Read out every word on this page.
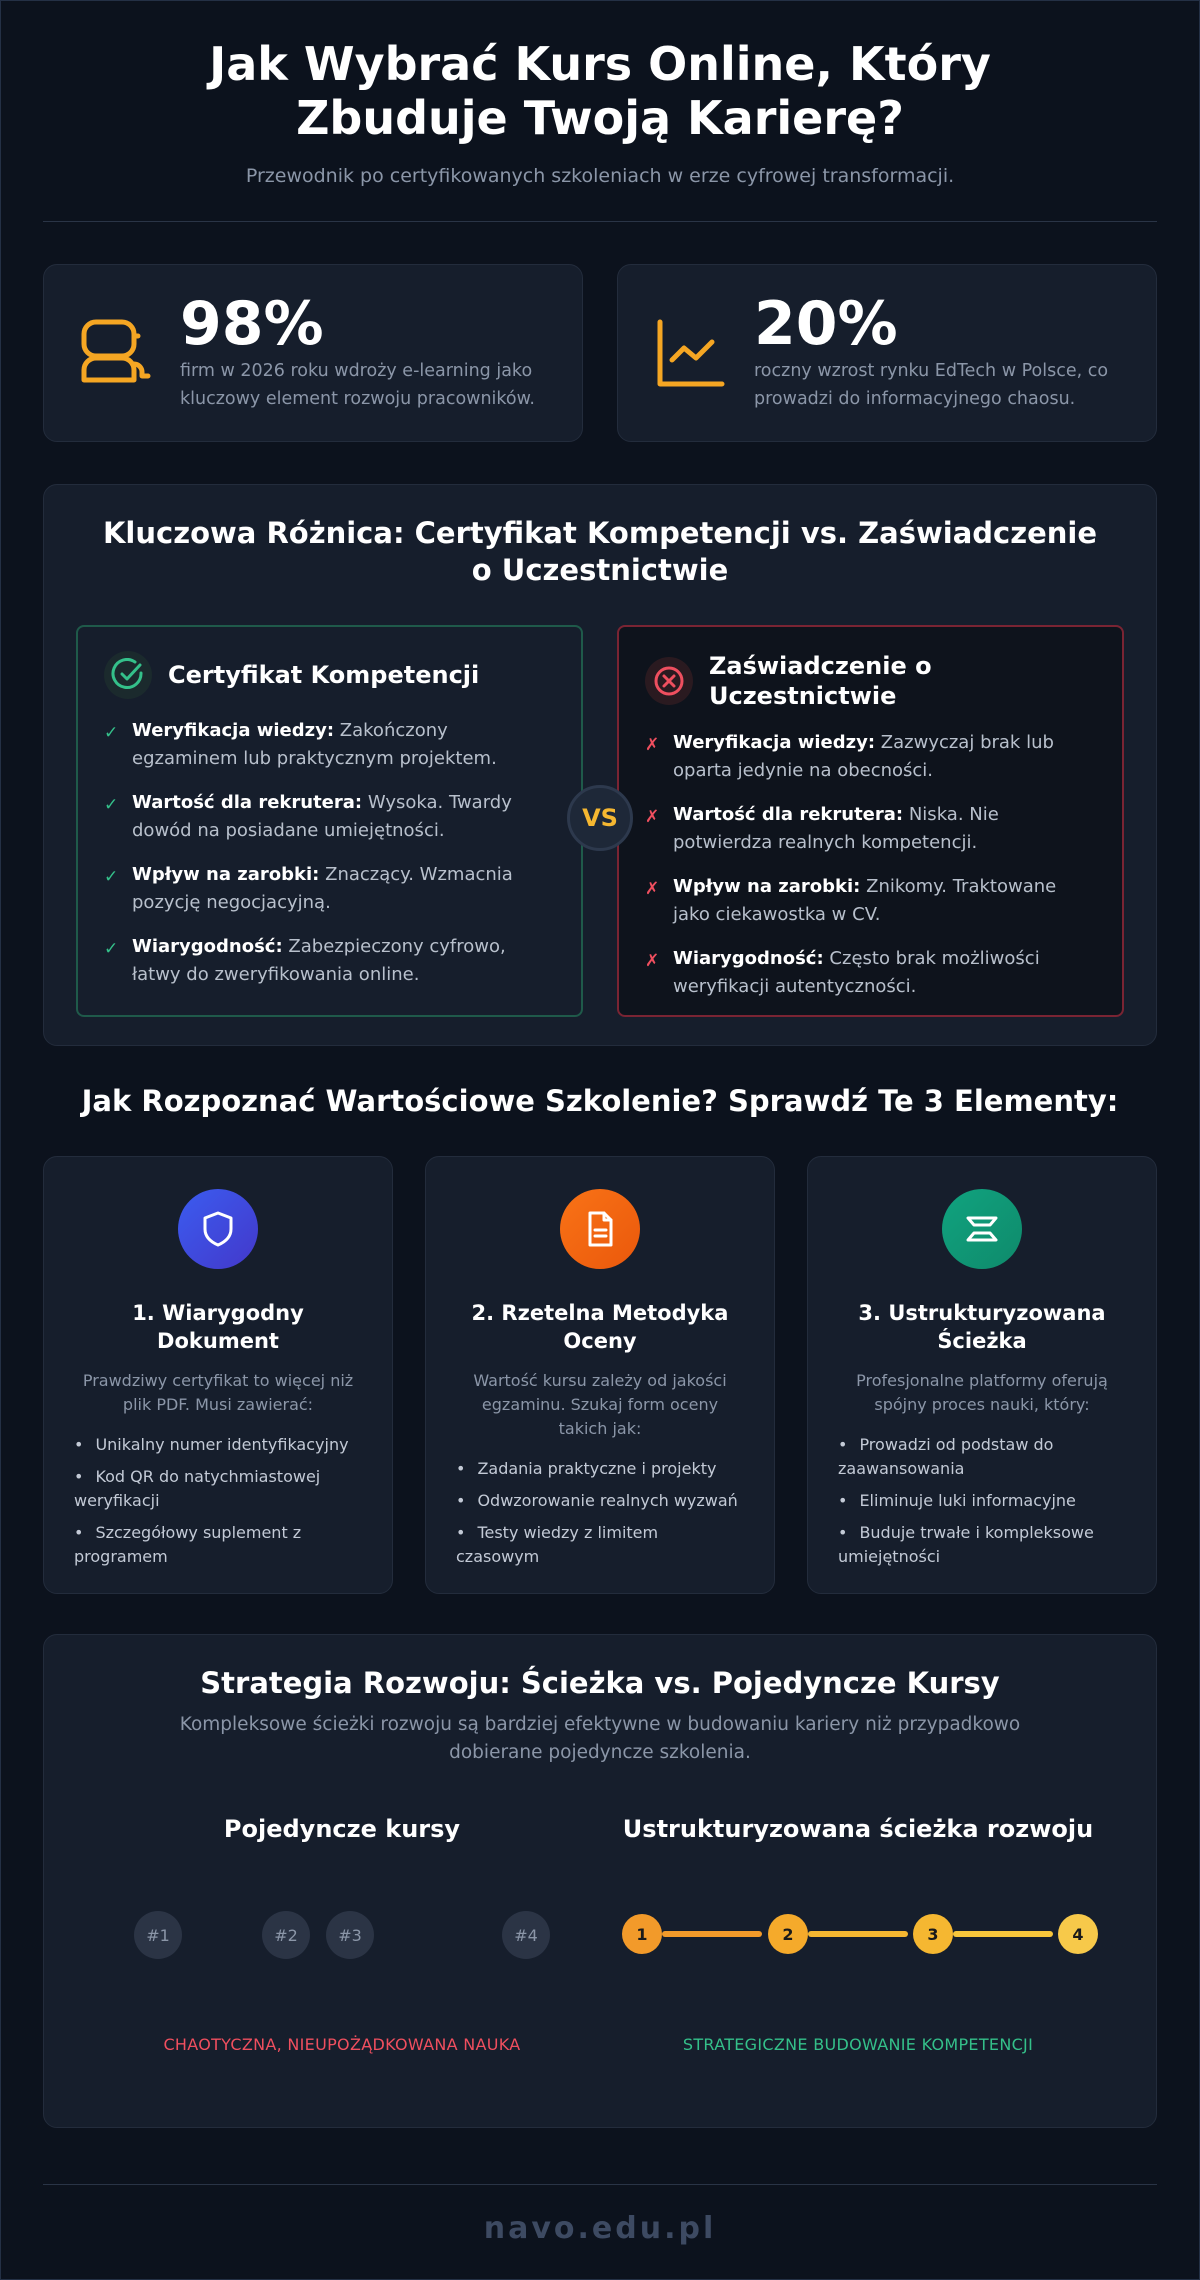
Jak Wybrać Kurs Online, Który Zbuduje Twoją Karierę?
Przewodnik po certyfikowanych szkoleniach w erze cyfrowej transformacji.
98%
firm w 2026 roku wdroży e-learning jako kluczowy element rozwoju pracowników.
20%
roczny wzrost rynku EdTech w Polsce, co prowadzi do informacyjnego chaosu.
Kluczowa Różnica: Certyfikat Kompetencji vs. Zaświadczenie o Uczestnictwie
Certyfikat Kompetencji
✓ Weryfikacja wiedzy: Zakończony egzaminem lub praktycznym projektem.
✓ Wartość dla rekrutera: Wysoka. Twardy dowód na posiadane umiejętności.
✓ Wpływ na zarobki: Znaczący. Wzmacnia pozycję negocjacyjną.
✓ Wiarygodność: Zabezpieczony cyfrowo, łatwy do zweryfikowania online.
Zaświadczenie o Uczestnictwie
✗ Weryfikacja wiedzy: Zazwyczaj brak lub oparta jedynie na obecności.
✗ Wartość dla rekrutera: Niska. Nie potwierdza realnych kompetencji.
✗ Wpływ na zarobki: Znikomy. Traktowane jako ciekawostka w CV.
✗ Wiarygodność: Często brak możliwości weryfikacji autentyczności.
VS
Jak Rozpoznać Wartościowe Szkolenie? Sprawdź Te 3 Elementy:
1. Wiarygodny Dokument
Prawdziwy certyfikat to więcej niż plik PDF. Musi zawierać:
• Unikalny numer identyfikacyjny
• Kod QR do natychmiastowej weryfikacji
• Szczegółowy suplement z programem
2. Rzetelna Metodyka Oceny
Wartość kursu zależy od jakości egzaminu. Szukaj form oceny takich jak:
• Zadania praktyczne i projekty
• Odwzorowanie realnych wyzwań
• Testy wiedzy z limitem czasowym
3. Ustrukturyzowana Ścieżka
Profesjonalne platformy oferują spójny proces nauki, który:
• Prowadzi od podstaw do zaawansowania
• Eliminuje luki informacyjne
• Buduje trwałe i kompleksowe umiejętności
Strategia Rozwoju: Ścieżka vs. Pojedyncze Kursy
Kompleksowe ścieżki rozwoju są bardziej efektywne w budowaniu kariery niż przypadkowo dobierane pojedyncze szkolenia.
Pojedyncze kursy
#1	#2	#3	#4
CHAOTYCZNA, NIEUPOŻĄDKOWANA NAUKA
Ustrukturyzowana ścieżka rozwoju
1	2	3	4
STRATEGICZNE BUDOWANIE KOMPETENCJI
navo.edu.pl
